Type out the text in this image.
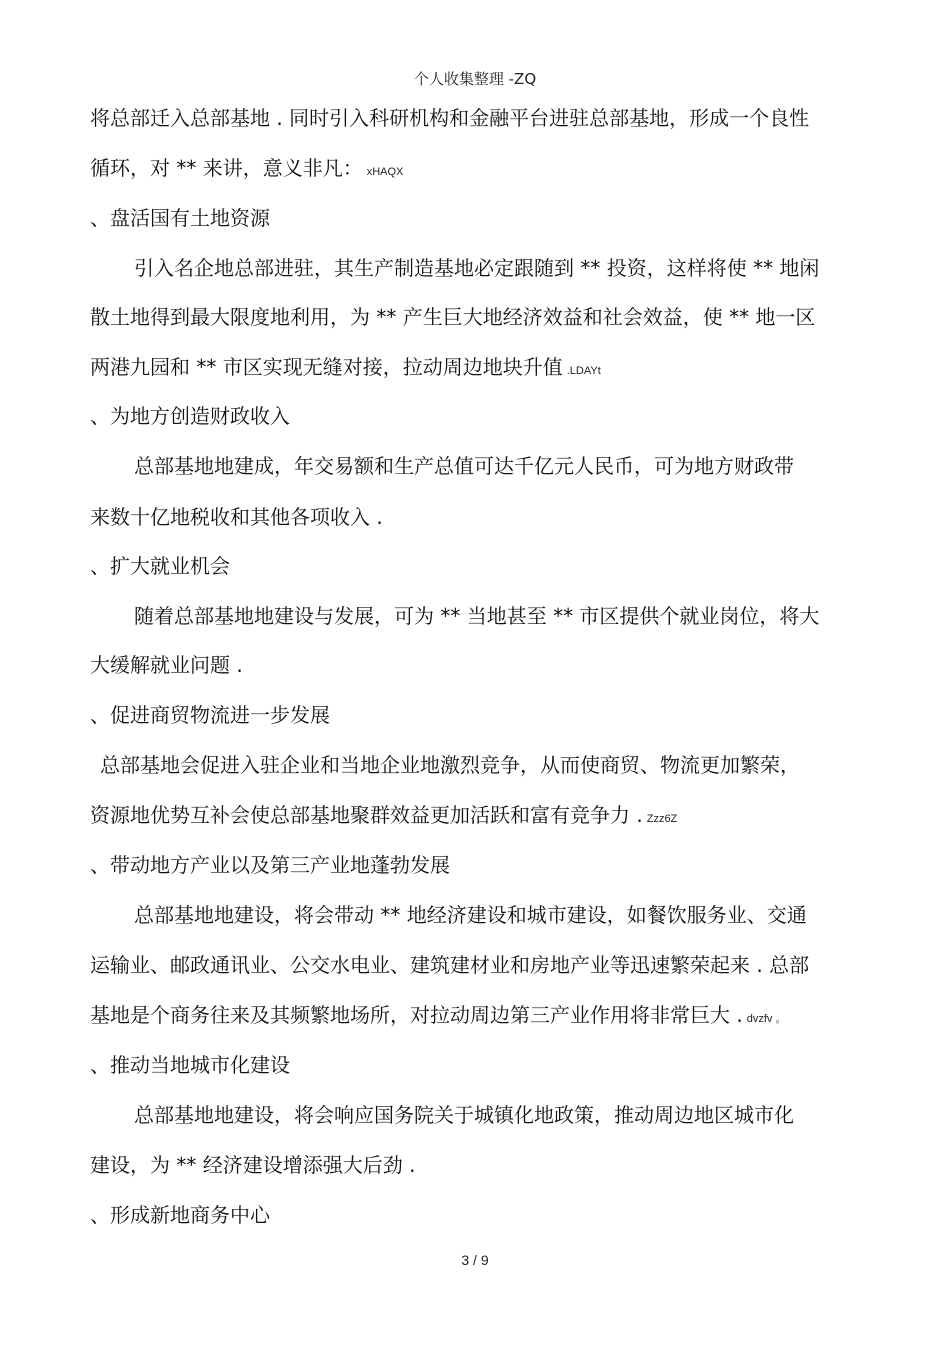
个人收集整理 -ZQ
将总部迁入总部基地 . 同时引入科研机构和金融平台进驻总部基地，形成一个良性
循环，对 ** 来讲，意义非凡： xHAQX
、盘活国有土地资源
引入名企地总部进驻，其生产制造基地必定跟随到 ** 投资，这样将使 ** 地闲
散土地得到最大限度地利用，为 ** 产生巨大地经济效益和社会效益，使 ** 地一区
两港九园和 ** 市区实现无缝对接，拉动周边地块升值 .LDAYt
、为地方创造财政收入
总部基地地建成，年交易额和生产总值可达千亿元人民币，可为地方财政带
来数十亿地税收和其他各项收入 .
、扩大就业机会
随着总部基地地建设与发展，可为 ** 当地甚至 ** 市区提供个就业岗位，将大
大缓解就业问题 .
、促进商贸物流进一步发展
总部基地会促进入驻企业和当地企业地激烈竞争，从而使商贸、物流更加繁荣，
资源地优势互补会使总部基地聚群效益更加活跃和富有竞争力 . Zzz6Z
、带动地方产业以及第三产业地蓬勃发展
总部基地地建设，将会带动 ** 地经济建设和城市建设，如餐饮服务业、交通
运输业、邮政通讯业、公交水电业、建筑建材业和房地产业等迅速繁荣起来 . 总部
基地是个商务往来及其频繁地场所，对拉动周边第三产业作用将非常巨大 . dvzfv 。
、推动当地城市化建设
总部基地地建设，将会响应国务院关于城镇化地政策，推动周边地区城市化
建设，为 ** 经济建设增添强大后劲 .
、形成新地商务中心
3 / 9
